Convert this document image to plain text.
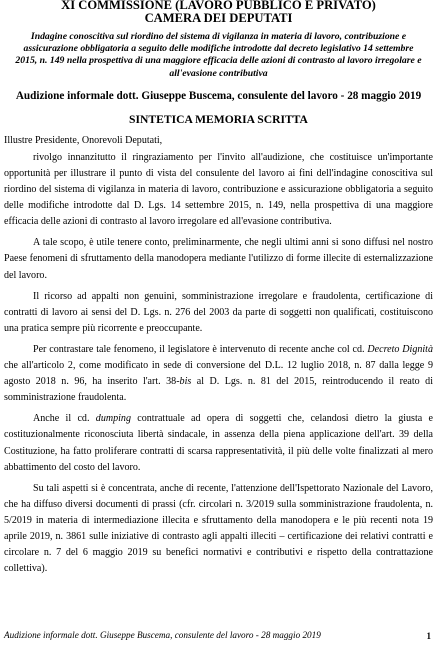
XI COMMISSIONE (LAVORO PUBBLICO E PRIVATO)

CAMERA DEI DEPUTATI

Indagine conoscitiva sul riordino del sistema di vigilanza in materia di lavoro, contribuzione e assicurazione obbligatoria a seguito delle modifiche introdotte dal decreto legislativo 14 settembre 2015, n. 149 nella prospettiva di una maggiore efficacia delle azioni di contrasto al lavoro irregolare e all'evasione contributiva

Audizione informale dott. Giuseppe Buscema, consulente del lavoro - 28 maggio 2019

SINTETICA MEMORIA SCRITTA

Illustre Presidente, Onorevoli Deputati,

rivolgo innanzitutto il ringraziamento per l'invito all'audizione, che costituisce un'importante opportunità per illustrare il punto di vista del consulente del lavoro ai fini dell'indagine conoscitiva sul riordino del sistema di vigilanza in materia di lavoro, contribuzione e assicurazione obbligatoria a seguito delle modifiche introdotte dal D. Lgs. 14 settembre 2015, n. 149, nella prospettiva di una maggiore efficacia delle azioni di contrasto al lavoro irregolare ed all'evasione contributiva.

A tale scopo, è utile tenere conto, preliminarmente, che negli ultimi anni si sono diffusi nel nostro Paese fenomeni di sfruttamento della manodopera mediante l'utilizzo di forme illecite di esternalizzazione del lavoro.

Il ricorso ad appalti non genuini, somministrazione irregolare e fraudolenta, certificazione di contratti di lavoro ai sensi del D. Lgs. n. 276 del 2003 da parte di soggetti non qualificati, costituiscono una pratica sempre più ricorrente e preoccupante.

Per contrastare tale fenomeno, il legislatore è intervenuto di recente anche col cd. Decreto Dignità che all'articolo 2, come modificato in sede di conversione del D.L. 12 luglio 2018, n. 87 dalla legge 9 agosto 2018 n. 96, ha inserito l'art. 38-bis al D. Lgs. n. 81 del 2015, reintroducendo il reato di somministrazione fraudolenta.

Anche il cd. dumping contrattuale ad opera di soggetti che, celandosi dietro la giusta e costituzionalmente riconosciuta libertà sindacale, in assenza della piena applicazione dell'art. 39 della Costituzione, ha fatto proliferare contratti di scarsa rappresentatività, il più delle volte finalizzati al mero abbattimento del costo del lavoro.

Su tali aspetti si è concentrata, anche di recente, l'attenzione dell'Ispettorato Nazionale del Lavoro, che ha diffuso diversi documenti di prassi (cfr. circolari n. 3/2019 sulla somministrazione fraudolenta, n. 5/2019 in materia di intermediazione illecita e sfruttamento della manodopera e le più recenti nota 19 aprile 2019, n. 3861 sulle iniziative di contrasto agli appalti illeciti – certificazione dei relativi contratti e circolare n. 7 del 6 maggio 2019 su benefici normativi e contributivi e rispetto della contrattazione collettiva).

Audizione informale dott. Giuseppe Buscema, consulente del lavoro - 28 maggio 2019	1
